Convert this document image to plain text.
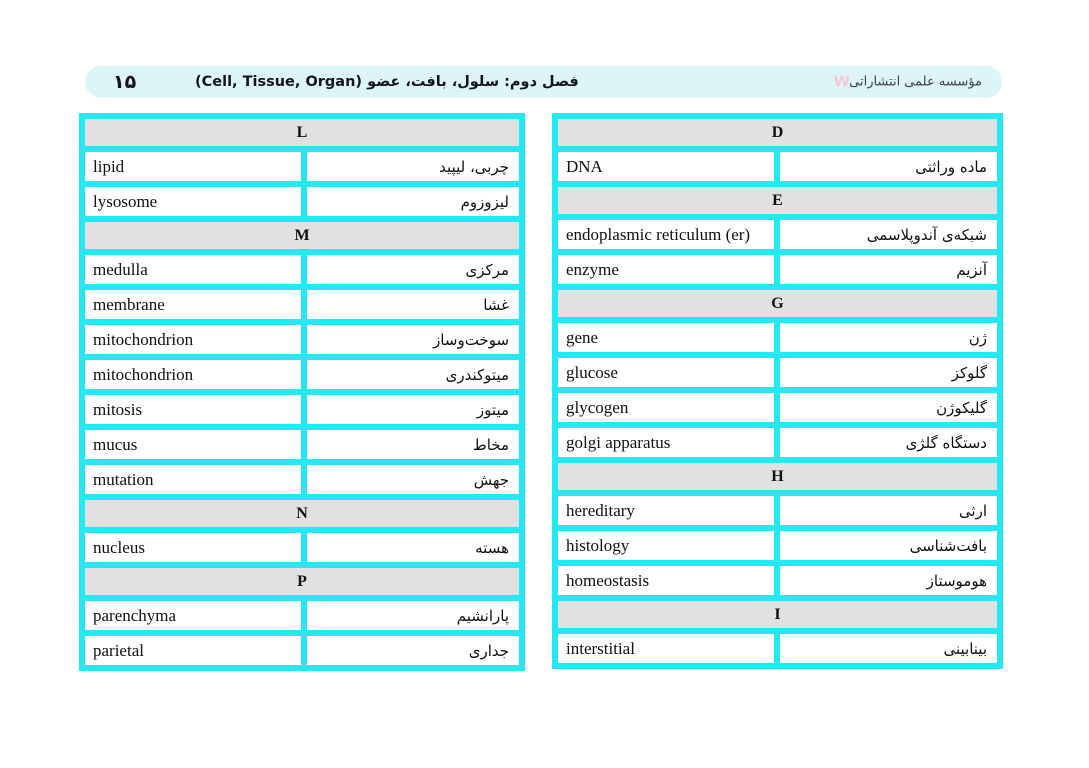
۱۵	فصل دوم: سلول، بافت، عضو (Cell, Tissue, Organ)	W مؤسسه علمی انتشاراتی
L	
lipid	چربی، لیپید
lysosome	لیزوزوم
M	
medulla	مرکزی
membrane	غشا
mitochondrion	سوخت‌وساز
mitochondrion	میتوکندری
mitosis	میتوز
mucus	مخاط
mutation	جهش
N	
nucleus	هسته
P	
parenchyma	پارانشیم
parietal	جداری
D	
DNA	ماده وراثتی
E	
endoplasmic reticulum (er)	شبکه‌ی آندوپلاسمی
enzyme	آنزیم
G	
gene	ژن
glucose	گلوکز
glycogen	گلیکوژن
golgi apparatus	دستگاه گلژی
H	
hereditary	ارثی
histology	بافت‌شناسی
homeostasis	هوموستاز
I	
interstitial	بینابینی
